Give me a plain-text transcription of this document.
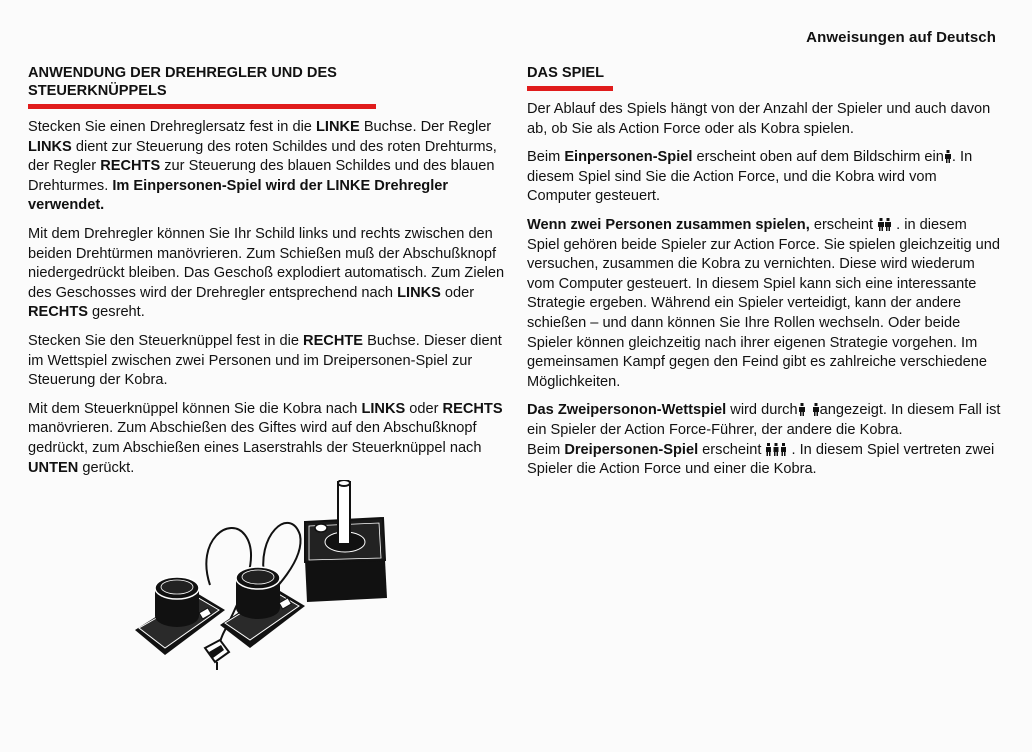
Anweisungen auf Deutsch
ANWENDUNG DER DREHREGLER UND DES
STEUERKNÜPPELS

Stecken Sie einen Drehreglersatz fest in die LINKE Buchse. Der Regler LINKS dient zur Steuerung des roten Schildes und des roten Drehturms, der Regler RECHTS zur Steuerung des blauen Schildes und des blauen Drehturmes. Im Einpersonen-Spiel wird der LINKE Drehregler verwendet.

Mit dem Drehregler können Sie Ihr Schild links und rechts zwischen den beiden Drehtürmen manövrieren. Zum Schießen muß der Abschußknopf niedergedrückt bleiben. Das Geschoß explodiert automatisch. Zum Zielen des Geschosses wird der Drehregler entsprechend nach LINKS oder RECHTS gesreht.

Stecken Sie den Steuerknüppel fest in die RECHTE Buchse. Dieser dient im Wettspiel zwischen zwei Personen und im Dreipersonen-Spiel zur Steuerung der Kobra.

Mit dem Steuerknüppel können Sie die Kobra nach LINKS oder RECHTS manövrieren. Zum Abschießen des Giftes wird auf den Abschußknopf gedrückt, zum Abschießen eines Laserstrahls der Steuerknüppel nach UNTEN gerückt.

DAS SPIEL

Der Ablauf des Spiels hängt von der Anzahl der Spieler und auch davon ab, ob Sie als Action Force oder als Kobra spielen.

Beim Einpersonen-Spiel erscheint oben auf dem Bildschirm ein . In diesem Spiel sind Sie die Action Force, und die Kobra wird vom Computer gesteuert.

Wenn zwei Personen zusammen spielen, erscheint  . in diesem Spiel gehören beide Spieler zur Action Force. Sie spielen gleichzeitig und versuchen, zusammen die Kobra zu vernichten. Diese wird wiederum vom Computer gesteuert. In diesem Spiel kann sich eine interessante Strategie ergeben. Während ein Spieler verteidigt, kann der andere schießen – und dann können Sie Ihre Rollen wechseln. Oder beide Spieler können gleichzeitig nach ihrer eigenen Strategie vorgehen. Im gemeinsamen Kampf gegen den Feind gibt es zahlreiche verschiedene Möglichkeiten.

Das Zweipersonon-Wettspiel wird durch angezeigt. In diesem Fall ist ein Spieler der Action Force-Führer, der andere die Kobra.

Beim Dreipersonen-Spiel erscheint  . In diesem Spiel vertreten zwei Spieler die Action Force und einer die Kobra.
